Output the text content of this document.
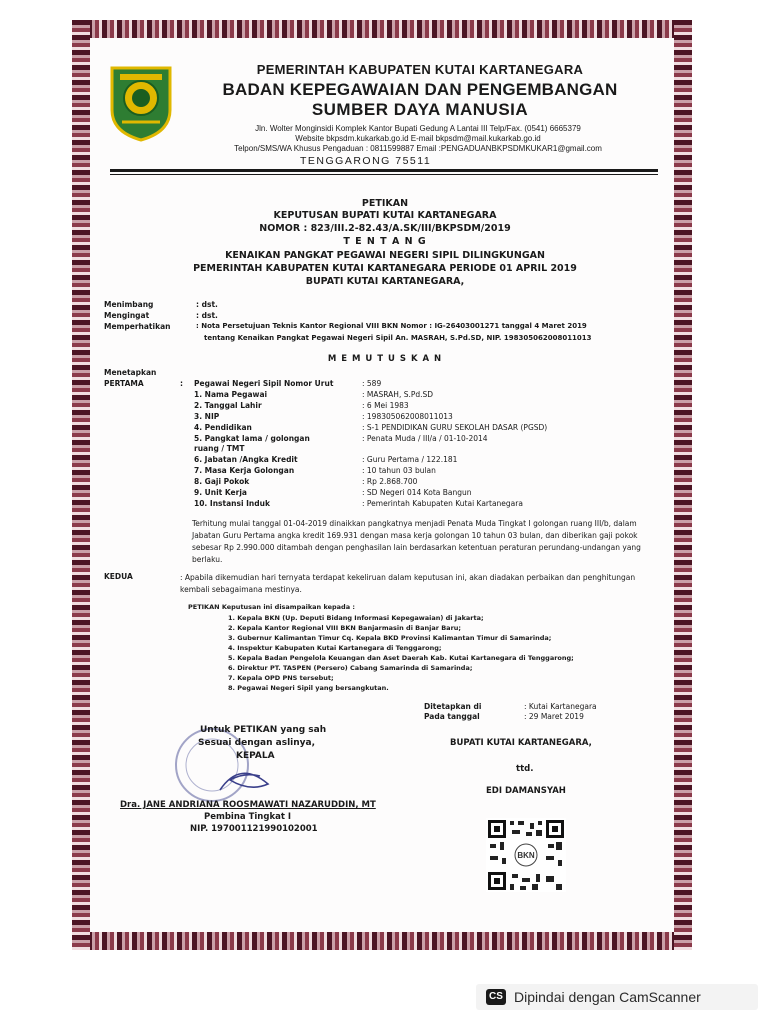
PEMERINTAH KABUPATEN KUTAI KARTANEGARA
BADAN KEPEGAWAIAN DAN PENGEMBANGAN
SUMBER DAYA MANUSIA
Jln. Wolter Monginsidi Komplek Kantor Bupati Gedung A Lantai III Telp/Fax. (0541) 6665379
Website bkpsdm.kukarkab.go.id E-mail bkpsdm@mail.kukarkab.go.id
Telpon/SMS/WA Khusus Pengaduan : 0811599887 Email :PENGADUANBKPSDMKUKAR1@gmail.com
TENGGARONG 75511
PETIKAN
KEPUTUSAN BUPATI KUTAI KARTANEGARA
NOMOR : 823/III.2-82.43/A.SK/III/BKPSDM/2019
T E N T A N G
KENAIKAN PANGKAT PEGAWAI NEGERI SIPIL DILINGKUNGAN
PEMERINTAH KABUPATEN KUTAI KARTANEGARA PERIODE 01 APRIL 2019
BUPATI KUTAI KARTANEGARA,
Menimbang	: dst.
Mengingat	: dst.
Memperhatikan	: Nota Persetujuan Teknis Kantor Regional VIII BKN Nomor : IG-26403001271 tanggal 4 Maret 2019
tentang Kenaikan Pangkat Pegawai Negeri Sipil An. MASRAH, S.Pd.SD, NIP. 198305062008011013
M E M U T U S K A N
Menetapkan
PERTAMA	: Pegawai Negeri Sipil Nomor Urut	: 589
1. Nama Pegawai	: MASRAH, S.Pd.SD
2. Tanggal Lahir	: 6 Mei 1983
3. NIP	: 198305062008011013
4. Pendidikan	: S-1 PENDIDIKAN GURU SEKOLAH DASAR (PGSD)
5. Pangkat lama / golongan	: Penata Muda / III/a / 01-10-2014
ruang / TMT
6. Jabatan /Angka Kredit	: Guru Pertama / 122.181
7. Masa Kerja Golongan	: 10 tahun 03 bulan
8. Gaji Pokok	: Rp 2.868.700
9. Unit Kerja	: SD Negeri 014 Kota Bangun
10. Instansi Induk	: Pemerintah Kabupaten Kutai Kartanegara
Terhitung mulai tanggal 01-04-2019 dinaikkan pangkatnya menjadi Penata Muda Tingkat I golongan ruang III/b, dalam Jabatan Guru Pertama angka kredit 169.931 dengan masa kerja golongan 10 tahun 03 bulan, dan diberikan gaji pokok sebesar Rp 2.990.000 ditambah dengan penghasilan lain berdasarkan ketentuan peraturan perundang-undangan yang berlaku.
KEDUA	: Apabila dikemudian hari ternyata terdapat kekeliruan dalam keputusan ini, akan diadakan perbaikan dan penghitungan kembali sebagaimana mestinya.
PETIKAN Keputusan ini disampaikan kepada :
1. Kepala BKN (Up. Deputi Bidang Informasi Kepegawaian) di Jakarta;
2. Kepala Kantor Regional VIII BKN Banjarmasin di Banjar Baru;
3. Gubernur Kalimantan Timur Cq. Kepala BKD Provinsi Kalimantan Timur di Samarinda;
4. Inspektur Kabupaten Kutai Kartanegara di Tenggarong;
5. Kepala Badan Pengelola Keuangan dan Aset Daerah Kab. Kutai Kartanegara di Tenggarong;
6. Direktur PT. TASPEN (Persero) Cabang Samarinda di Samarinda;
7. Kepala OPD PNS tersebut;
8. Pegawai Negeri Sipil yang bersangkutan.
Ditetapkan di	: Kutai Kartanegara
Pada tanggal	: 29 Maret 2019
BUPATI KUTAI KARTANEGARA,
ttd.
EDI DAMANSYAH
BKN
Untuk PETIKAN yang sah
Sesuai dengan aslinya,
KEPALA
Dra. JANE ANDRIANA ROOSMAWATI NAZARUDDIN, MT
Pembina Tingkat I
NIP. 197001121990102001
CS Dipindai dengan CamScanner
